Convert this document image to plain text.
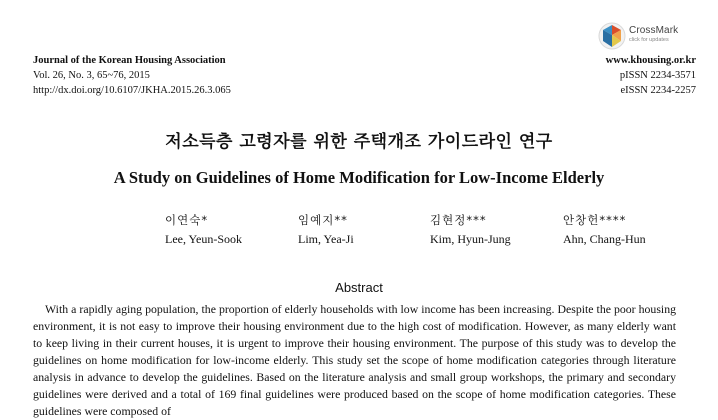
CrossMark
click for updates
Journal of the Korean Housing Association
Vol. 26, No. 3, 65~76, 2015
http://dx.doi.org/10.6107/JKHA.2015.26.3.065
www.khousing.or.kr
pISSN 2234-3571
eISSN 2234-2257
저소득층 고령자를 위한 주택개조 가이드라인 연구
A Study on Guidelines of Home Modification for Low-Income Elderly
이연숙*
Lee, Yeun-Sook
임예지**
Lim, Yea-Ji
김현정***
Kim, Hyun-Jung
안창헌****
Ahn, Chang-Hun
Abstract

With a rapidly aging population, the proportion of elderly households with low income has been increasing. Despite the poor housing environment, it is not easy to improve their housing environment due to the high cost of modification. However, as many elderly want to keep living in their current houses, it is urgent to improve their housing environment. The purpose of this study was to develop the guidelines on home modification for low-income elderly. This study set the scope of home modification categories through literature analysis in advance to develop the guidelines. Based on the literature analysis and small group workshops, the primary and secondary guidelines were derived and a total of 169 final guidelines were produced based on the scope of home modification categories. These guidelines were composed of
